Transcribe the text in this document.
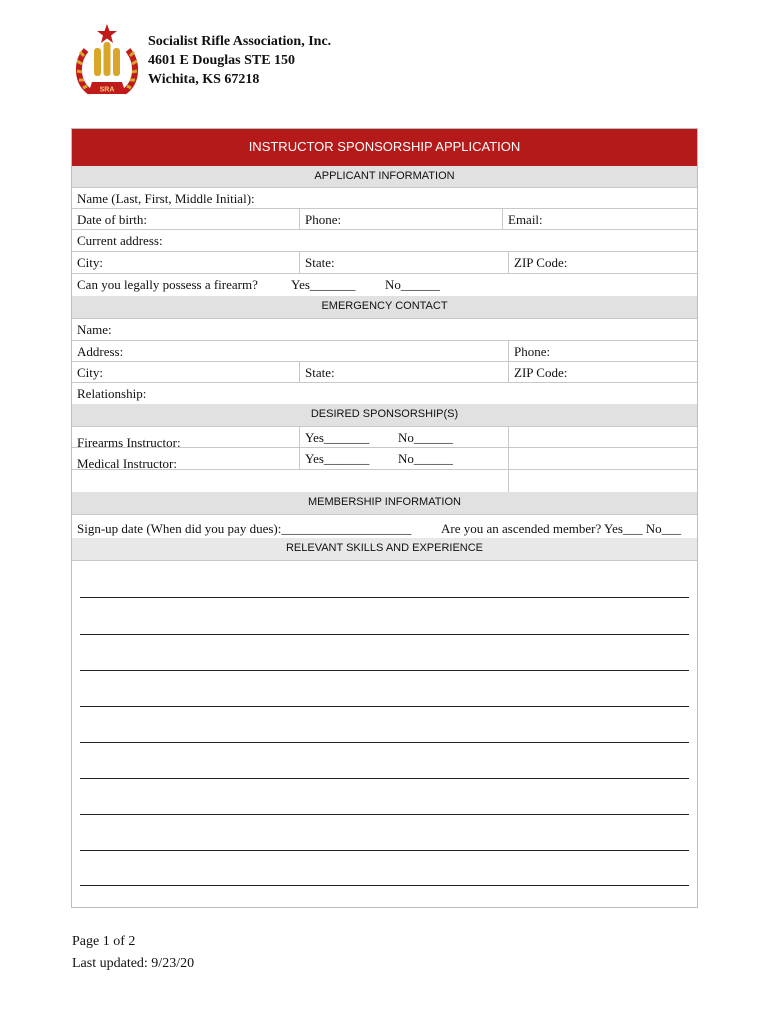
SRA
Socialist Rifle Association, Inc.
4601 E Douglas STE 150
Wichita, KS 67218
INSTRUCTOR SPONSORSHIP APPLICATION
APPLICANT INFORMATION
Name (Last, First, Middle Initial):
Date of birth:	Phone:	Email:
Current address:
City:	State:	ZIP Code:
Can you legally possess a firearm?	Yes_______	No______
EMERGENCY CONTACT
Name:
Address:	Phone:
City:	State:	ZIP Code:
Relationship:
DESIRED SPONSORSHIP(S)
Firearms Instructor:	Yes_______	No______
Medical Instructor:	Yes_______	No______
MEMBERSHIP INFORMATION
Sign-up date (When did you pay dues):____________________	Are you an ascended member? Yes___ No___
RELEVANT SKILLS AND EXPERIENCE
Page 1 of 2
Last updated: 9/23/20
